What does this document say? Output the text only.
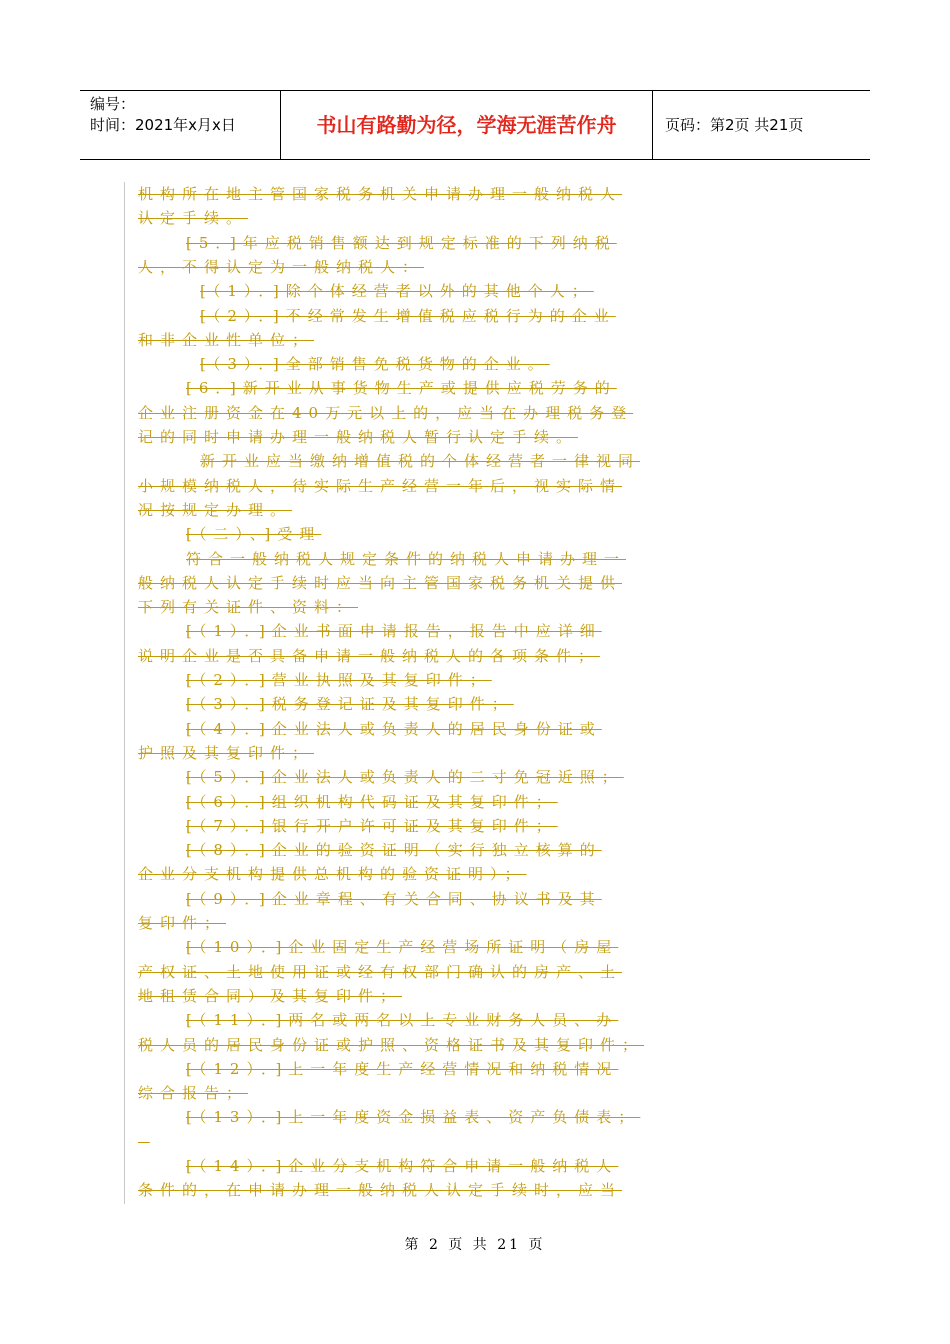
编号：
时间：2021年x月x日	书山有路勤为径，学海无涯苦作舟	页码：第2页 共21页
机构所在地主管国家税务机关申请办理一般纳税人
认定手续。
[5．]年应税销售额达到规定标准的下列纳税
人，不得认定为一般纳税人：
[（1）．]除个体经营者以外的其他个人；
[（2）．]不经常发生增值税应税行为的企业
和非企业性单位；
[（3）．]全部销售免税货物的企业。
[6．]新开业从事货物生产或提供应税劳务的
企业注册资金在40万元以上的，应当在办理税务登
记的同时申请办理一般纳税人暂行认定手续。
新开业应当缴纳增值税的个体经营者一律视同
小规模纳税人，待实际生产经营一年后，视实际情
况按规定办理。
[（二）、]受理
符合一般纳税人规定条件的纳税人申请办理一
般纳税人认定手续时应当向主管国家税务机关提供
下列有关证件、资料：
[（1）．]企业书面申请报告，报告中应详细
说明企业是否具备申请一般纳税人的各项条件；
[（2）．]营业执照及其复印件；
[（3）．]税务登记证及其复印件；
[（4）．]企业法人或负责人的居民身份证或
护照及其复印件；
[（5）．]企业法人或负责人的二寸免冠近照；
[（6）．]组织机构代码证及其复印件；
[（7）．]银行开户许可证及其复印件；
[（8）．]企业的验资证明（实行独立核算的
企业分支机构提供总机构的验资证明）；
[（9）．]企业章程、有关合同、协议书及其
复印件；
[（10）．]企业固定生产经营场所证明（房屋
产权证、土地使用证或经有权部门确认的房产、土
地租赁合同）及其复印件；
[（11）．]两名或两名以上专业财务人员、办
税人员的居民身份证或护照、资格证书及其复印件；
[（12）．]上一年度生产经营情况和纳税情况
综合报告；
[（13）．]上一年度资金损益表、资产负债表；

[（14）．]企业分支机构符合申请一般纳税人
条件的，在申请办理一般纳税人认定手续时，应当
第 2 页 共 21 页
